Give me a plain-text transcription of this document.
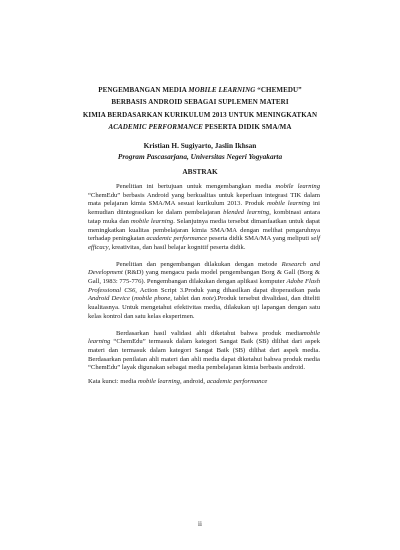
PENGEMBANGAN MEDIA MOBILE LEARNING “CHEMEDU”
BERBASIS ANDROID SEBAGAI SUPLEMEN MATERI
KIMIA BERDASARKAN KURIKULUM 2013 UNTUK MENINGKATKAN
ACADEMIC PERFORMANCE PESERTA DIDIK SMA/MA
Kristian H. Sugiyarto, Jaslin Ikhsan
Program Pascasarjana, Universitas Negeri Yogyakarta
ABSTRAK

Penelitian ini bertujuan untuk mengembangkan media mobile learning “ChemEdu” berbasis Android yang berkualitas untuk keperluan integrasi TIK dalam mata pelajaran kimia SMA/MA sesuai kurikulum 2013. Produk mobile learning ini kemudian diintegrasikan ke dalam pembelajaran blended learning, kombinasi antara tatap muka dan mobile learning. Selanjutnya media tersebut dimanfaatkan untuk dapat meningkatkan kualitas pembelajaran kimia SMA/MA dengan melihat pengaruhnya terhadap peningkatan academic performance peserta didik SMA/MA yang meliputi self efficacy, kreativitas, dan hasil belajar kognitif peserta didik.

Penelitian dan pengembangan dilakukan dengan metode Research and Development (R&D) yang mengacu pada model pengembangan Borg & Gall (Borg & Gall, 1983: 775-776). Pengembangan dilakukan dengan aplikasi komputer Adobe Flash Professional CS6, Action Script 3.Produk yang dihasilkan dapat dioperasikan pada Android Device (mobile phone, tablet dan note).Produk tersebut divalidasi, dan diteliti kualitasnya. Untuk mengetahui efektivitas media, dilakukan uji lapangan dengan satu kelas kontrol dan satu kelas eksperimen.

Berdasarkan hasil validasi ahli diketahui bahwa produk mediamobile learning “ChemEdu” termasuk dalam kategori Sangat Baik (SB) dilihat dari aspek materi dan termasuk dalam kategori Sangat Baik (SB) dilihat dari aspek media. Berdasarkan penilaian ahli materi dan ahli media dapat diketahui bahwa produk media “ChemEdu” layak digunakan sebagai media pembelajaran kimia berbasis android.

Kata kunci: media mobile learning, android, academic performance
ii
